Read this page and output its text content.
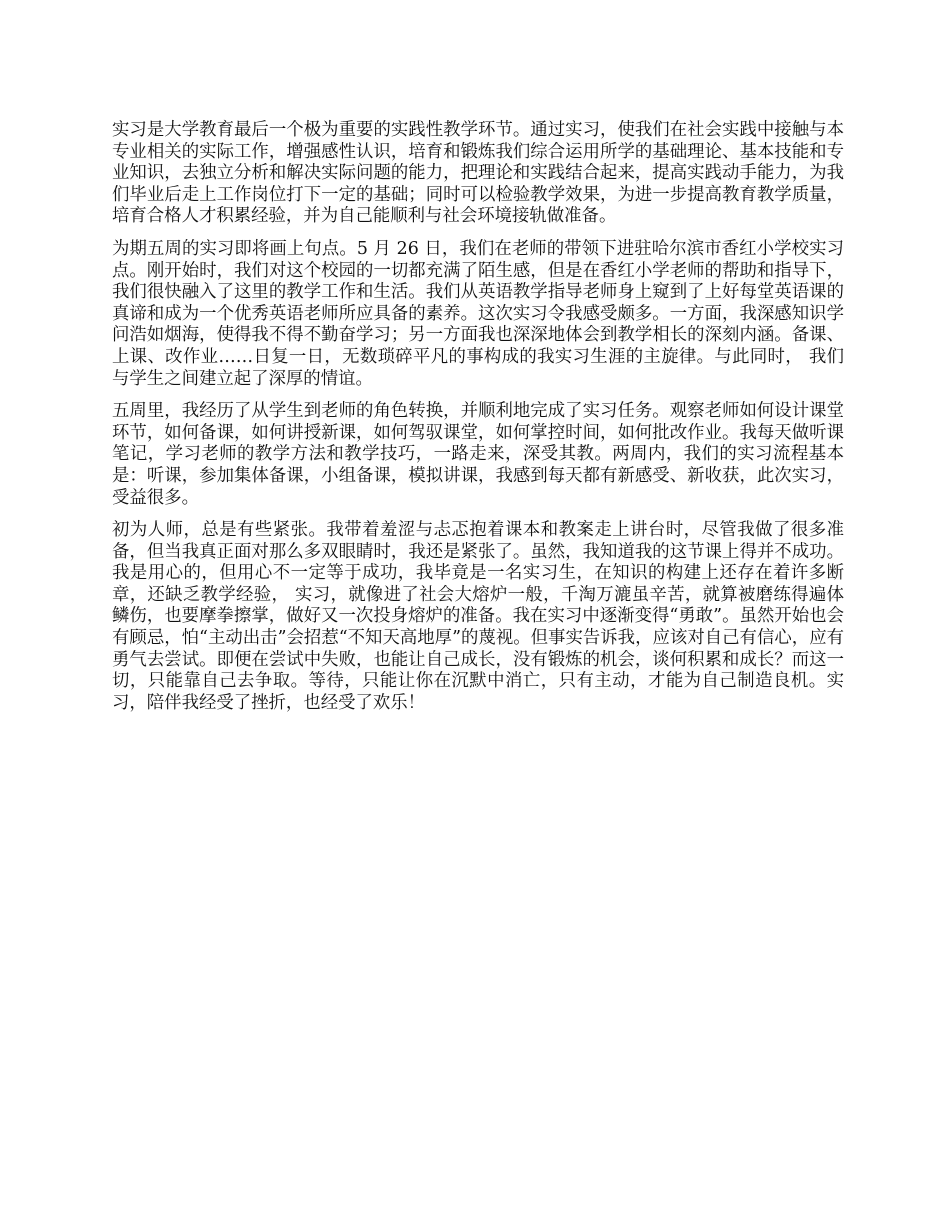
实习是大学教育最后一个极为重要的实践性教学环节。通过实习，使我们在社会实践中接触与本专业相关的实际工作，增强感性认识，培育和锻炼我们综合运用所学的基础理论、基本技能和专业知识，去独立分析和解决实际问题的能力，把理论和实践结合起来，提高实践动手能力，为我们毕业后走上工作岗位打下一定的基础；同时可以检验教学效果，为进一步提高教育教学质量，培育合格人才积累经验，并为自己能顺利与社会环境接轨做准备。

为期五周的实习即将画上句点。5 月 26 日，我们在老师的带领下进驻哈尔滨市香红小学校实习点。刚开始时，我们对这个校园的一切都充满了陌生感，但是在香红小学老师的帮助和指导下，我们很快融入了这里的教学工作和生活。我们从英语教学指导老师身上窥到了上好每堂英语课的真谛和成为一个优秀英语老师所应具备的素养。这次实习令我感受颇多。一方面，我深感知识学问浩如烟海，使得我不得不勤奋学习；另一方面我也深深地体会到教学相长的深刻内涵。备课、上课、改作业……日复一日，无数琐碎平凡的事构成的我实习生涯的主旋律。与此同时， 我们与学生之间建立起了深厚的情谊。

五周里，我经历了从学生到老师的角色转换，并顺利地完成了实习任务。观察老师如何设计课堂环节，如何备课，如何讲授新课，如何驾驭课堂，如何掌控时间，如何批改作业。我每天做听课笔记，学习老师的教学方法和教学技巧，一路走来，深受其教。两周内，我们的实习流程基本是：听课，参加集体备课，小组备课，模拟讲课，我感到每天都有新感受、新收获，此次实习，受益很多。

初为人师，总是有些紧张。我带着羞涩与忐忑抱着课本和教案走上讲台时，尽管我做了很多准备，但当我真正面对那么多双眼睛时，我还是紧张了。虽然，我知道我的这节课上得并不成功。我是用心的，但用心不一定等于成功，我毕竟是一名实习生，在知识的构建上还存在着许多断章，还缺乏教学经验， 实习，就像进了社会大熔炉一般，千淘万漉虽辛苦，就算被磨练得遍体鳞伤，也要摩拳擦掌，做好又一次投身熔炉的准备。我在实习中逐渐变得“勇敢”。虽然开始也会有顾忌，怕“主动出击”会招惹“不知天高地厚”的蔑视。但事实告诉我，应该对自己有信心，应有勇气去尝试。即便在尝试中失败，也能让自己成长，没有锻炼的机会，谈何积累和成长？而这一切，只能靠自己去争取。等待，只能让你在沉默中消亡，只有主动，才能为自己制造良机。实习，陪伴我经受了挫折，也经受了欢乐！
